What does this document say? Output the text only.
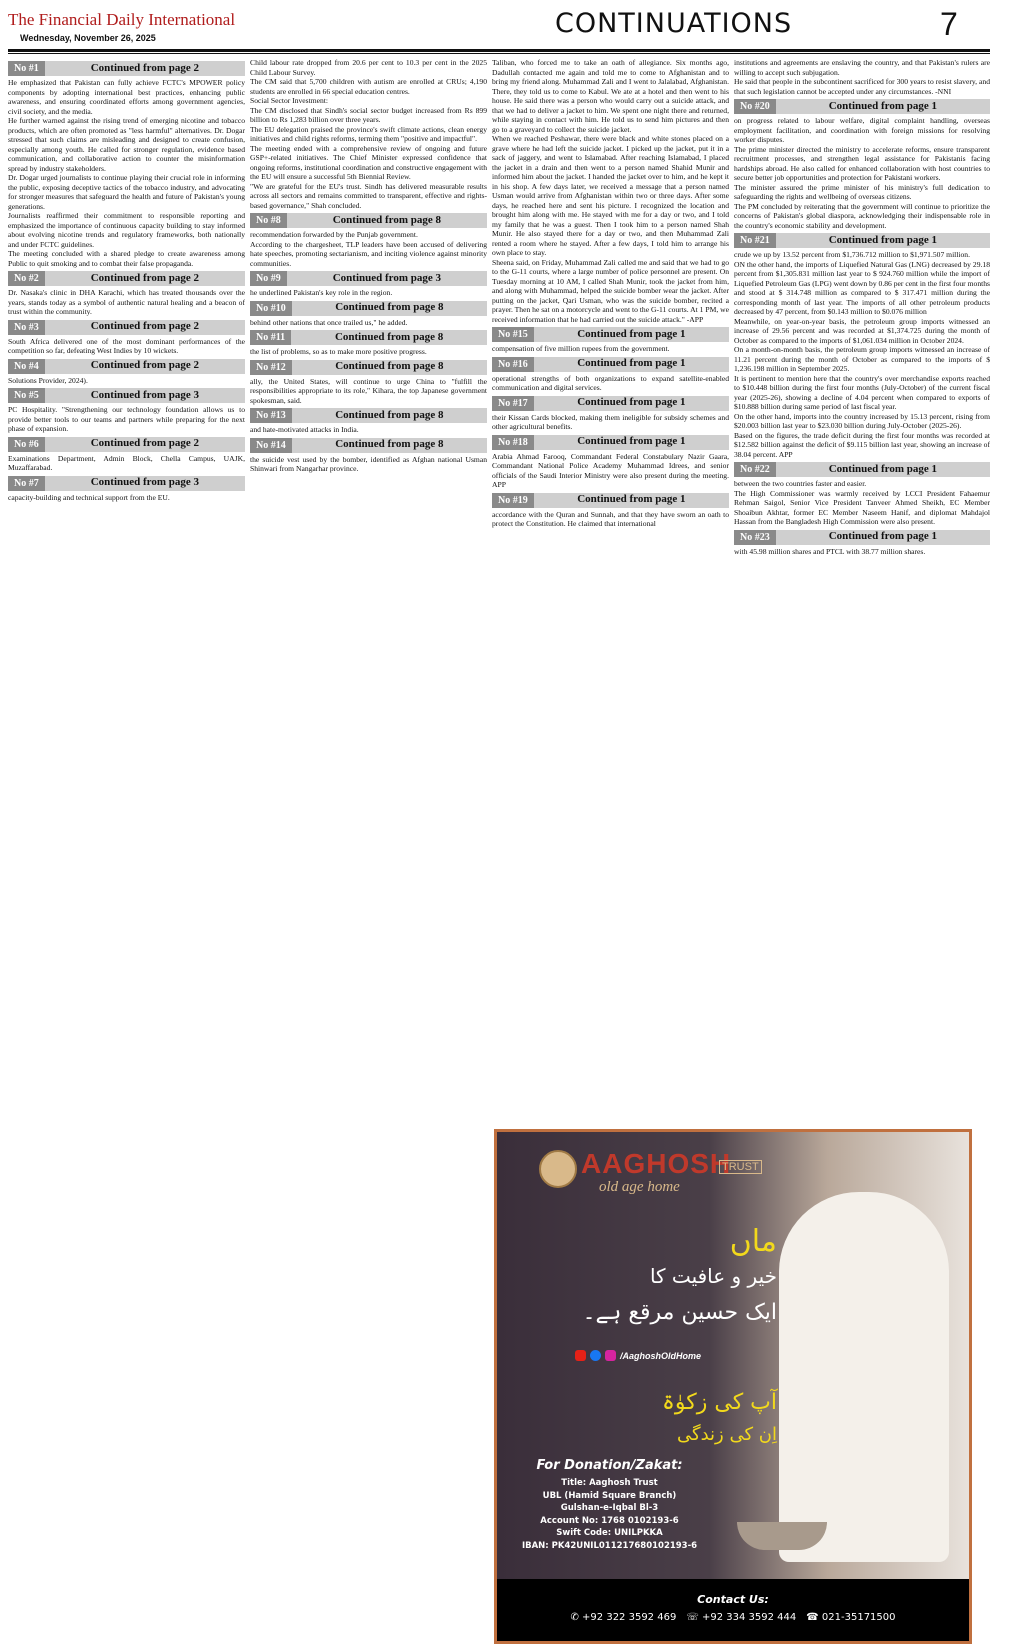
The Financial Daily International
Wednesday, November 26, 2025	CONTINUATIONS	7
No #1	Continued from page 2

He emphasized that Pakistan can fully achieve FCTC's MPOWER policy components by adopting international best practices, enhancing public awareness, and ensuring coordinated efforts among government agencies, civil society, and the media.

He further warned against the rising trend of emerging nicotine and tobacco products, which are often promoted as "less harmful" alternatives. Dr. Dogar stressed that such claims are misleading and designed to create confusion, especially among youth. He called for stronger regulation, evidence based communication, and collaborative action to counter the misinformation spread by industry stakeholders.

Dr. Dogar urged journalists to continue playing their crucial role in informing the public, exposing deceptive tactics of the tobacco industry, and advocating for stronger measures that safeguard the health and future of Pakistan's young generations.

Journalists reaffirmed their commitment to responsible reporting and emphasized the importance of continuous capacity building to stay informed about evolving nicotine trends and regulatory frameworks, both nationally and under FCTC guidelines.

The meeting concluded with a shared pledge to create awareness among Public to quit smoking and to combat their false propaganda.

No #2	Continued from page 2

Dr. Nasaka's clinic in DHA Karachi, which has treated thousands over the years, stands today as a symbol of authentic natural healing and a beacon of trust within the community.

No #3	Continued from page 2

South Africa delivered one of the most dominant performances of the competition so far, defeating West Indies by 10 wickets.

No #4	Continued from page 2

Solutions Provider, 2024).

No #5	Continued from page 3

PC Hospitality. "Strengthening our technology foundation allows us to provide better tools to our teams and partners while preparing for the next phase of expansion.

No #6	Continued from page 2

Examinations Department, Admin Block, Chella Campus, UAJK, Muzaffarabad.

No #7	Continued from page 3

capacity-building and technical support from the EU.

Child labour rate dropped from 20.6 per cent to 10.3 per cent in the 2025 Child Labour Survey.

The CM said that 5,700 children with autism are enrolled at CRUs; 4,190 students are enrolled in 66 special education centres.

Social Sector Investment:

The CM disclosed that Sindh's social sector budget increased from Rs 899 billion to Rs 1,283 billion over three years.

The EU delegation praised the province's swift climate actions, clean energy initiatives and child rights reforms, terming them "positive and impactful".

The meeting ended with a comprehensive review of ongoing and future GSP+-related initiatives. The Chief Minister expressed confidence that ongoing reforms, institutional coordination and constructive engagement with the EU will ensure a successful 5th Biennial Review.

"We are grateful for the EU's trust. Sindh has delivered measurable results across all sectors and remains committed to transparent, effective and rights-based governance," Shah concluded.

No #8	Continued from page 8

recommendation forwarded by the Punjab government.

According to the chargesheet, TLP leaders have been accused of delivering hate speeches, promoting sectarianism, and inciting violence against minority communities.

No #9	Continued from page 3

he underlined Pakistan's key role in the region.

No #10	Continued from page 8

behind other nations that once trailed us," he added.

No #11	Continued from page 8

the list of problems, so as to make more positive progress.

No #12	Continued from page 8

ally, the United States, will continue to urge China to "fulfill the responsibilities appropriate to its role," Kihara, the top Japanese government spokesman, said.

No #13	Continued from page 8

and hate-motivated attacks in India.

No #14	Continued from page 8

the suicide vest used by the bomber, identified as Afghan national Usman Shinwari from Nangarhar province.

Taliban, who forced me to take an oath of allegiance. Six months ago, Dadullah contacted me again and told me to come to Afghanistan and to bring my friend along. Muhammad Zali and I went to Jalalabad, Afghanistan. There, they told us to come to Kabul. We ate at a hotel and then went to his house. He said there was a person who would carry out a suicide attack, and that we had to deliver a jacket to him. We spent one night there and returned, while staying in contact with him. He told us to send him pictures and then go to a graveyard to collect the suicide jacket.

When we reached Peshawar, there were black and white stones placed on a grave where he had left the suicide jacket. I picked up the jacket, put it in a sack of jaggery, and went to Islamabad. After reaching Islamabad, I placed the jacket in a drain and then went to a person named Shahid Munir and informed him about the jacket. I handed the jacket over to him, and he kept it in his shop. A few days later, we received a message that a person named Usman would arrive from Afghanistan within two or three days. After some days, he reached here and sent his picture. I recognized the location and brought him along with me. He stayed with me for a day or two, and I told my family that he was a guest. Then I took him to a person named Shah Munir. He also stayed there for a day or two, and then Muhammad Zali rented a room where he stayed. After a few days, I told him to arrange his own place to stay.

Sheena said, on Friday, Muhammad Zali called me and said that we had to go to the G-11 courts, where a large number of police personnel are present. On Tuesday morning at 10 AM, I called Shah Munir, took the jacket from him, and along with Muhammad, helped the suicide bomber wear the jacket. After putting on the jacket, Qari Usman, who was the suicide bomber, recited a prayer. Then he sat on a motorcycle and went to the G-11 courts. At 1 PM, we received information that he had carried out the suicide attack." -APP

No #15	Continued from page 1

compensation of five million rupees from the government.

No #16	Continued from page 1

operational strengths of both organizations to expand satellite-enabled communication and digital services.

No #17	Continued from page 1

their Kissan Cards blocked, making them ineligible for subsidy schemes and other agricultural benefits.

No #18	Continued from page 1

Arabia Ahmad Farooq, Commandant Federal Constabulary Nazir Gaara, Commandant National Police Academy Muhammad Idrees, and senior officials of the Saudi Interior Ministry were also present during the meeting. APP

No #19	Continued from page 1

accordance with the Quran and Sunnah, and that they have sworn an oath to protect the Constitution. He claimed that international

institutions and agreements are enslaving the country, and that Pakistan's rulers are willing to accept such subjugation.

He said that people in the subcontinent sacrificed for 300 years to resist slavery, and that such legislation cannot be accepted under any circumstances. -NNI

No #20	Continued from page 1

on progress related to labour welfare, digital complaint handling, overseas employment facilitation, and coordination with foreign missions for resolving worker disputes.

The prime minister directed the ministry to accelerate reforms, ensure transparent recruitment processes, and strengthen legal assistance for Pakistanis facing hardships abroad. He also called for enhanced collaboration with host countries to secure better job opportunities and protection for Pakistani workers.

The minister assured the prime minister of his ministry's full dedication to safeguarding the rights and wellbeing of overseas citizens.

The PM concluded by reiterating that the government will continue to prioritize the concerns of Pakistan's global diaspora, acknowledging their indispensable role in the country's economic stability and development.

No #21	Continued from page 1

crude we up by 13.52 percent from $1,736.712 million to $1,971.507 million.

ON the other hand, the imports of Liquefied Natural Gas (LNG) decreased by 29.18 percent from $1,305.831 million last year to $ 924.760 million while the import of Liquefied Petroleum Gas (LPG) went down by 0.86 per cent in the first four months and stood at $ 314.748 million as compared to $ 317.471 million during the corresponding month of last year. The imports of all other petroleum products decreased by 47 percent, from $0.143 million to $0.076 million

Meanwhile, on year-on-year basis, the petroleum group imports witnessed an increase of 29.56 percent and was recorded at $1,374.725 during the month of October as compared to the imports of $1,061.034 million in October 2024.

On a month-on-month basis, the petroleum group imports witnessed an increase of 11.21 percent during the month of October as compared to the imports of $ 1,236.198 million in September 2025.

It is pertinent to mention here that the country's over merchandise exports reached to $10.448 billion during the first four months (July-October) of the current fiscal year (2025-26), showing a decline of 4.04 percent when compared to exports of $10.888 billion during same period of last fiscal year.

On the other hand, imports into the country increased by 15.13 percent, rising from $20.003 billion last year to $23.030 billion during July-October (2025-26).

Based on the figures, the trade deficit during the first four months was recorded at $12.582 billion against the deficit of $9.115 billion last year, showing an increase of 38.04 percent. APP

No #22	Continued from page 1

between the two countries faster and easier.

The High Commissioner was warmly received by LCCI President Fahaemur Rehman Saigol, Senior Vice President Tanveer Ahmed Sheikh, EC Member Shoaibun Akhtar, former EC Member Naseem Hanif, and diplomat Mahdajol Hassan from the Bangladesh High Commission were also present.

No #23	Continued from page 1

with 45.98 million shares and PTCL with 38.77 million shares.

AAGHOSH
TRUST
old age home
ماں
خیر و عافیت کا
ایک حسین مرقع ہے۔
/AaghoshOldHome
آپ کی زکوٰۃ
اِن کی زندگی
For Donation/Zakat:
Title: Aaghosh Trust
UBL (Hamid Square Branch)
Gulshan-e-Iqbal Bl-3
Account No: 1768 0102193-6
Swift Code: UNILPKKA
IBAN: PK42UNIL011217680102193-6
Contact Us:
✆ +92 322 3592 469 ☏ +92 334 3592 444 ☎ 021-35171500
